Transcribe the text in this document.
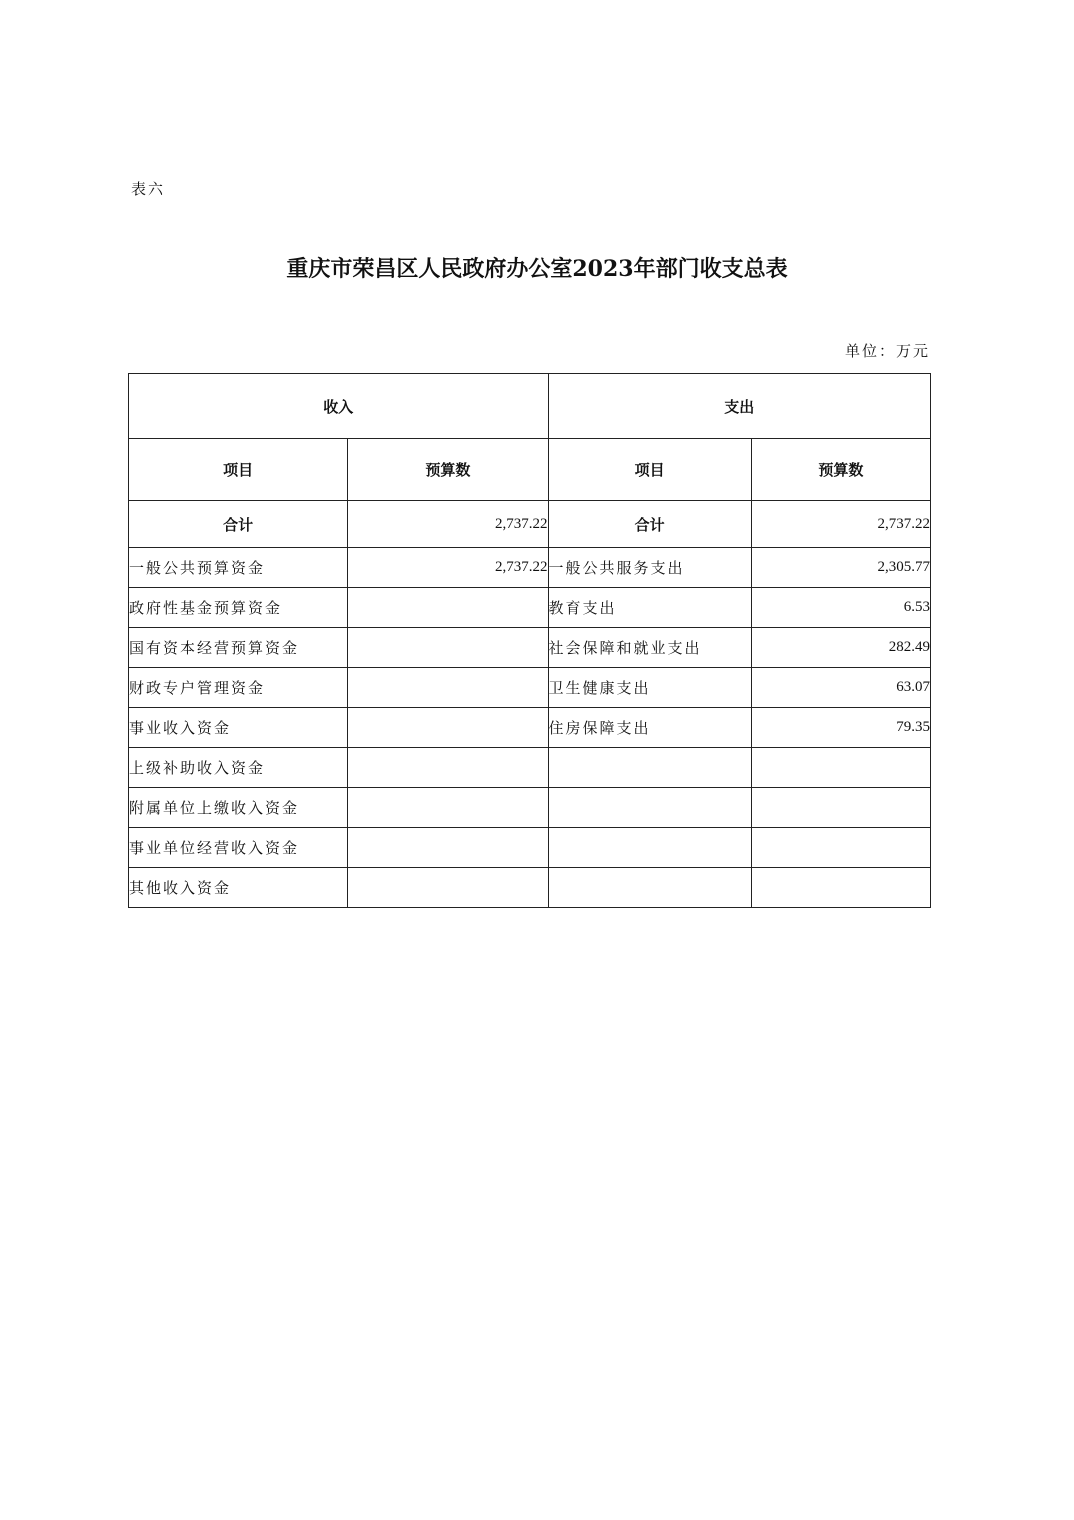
表六
重庆市荣昌区人民政府办公室2023年部门收支总表
单位：万元
收入		支出	
项目	预算数	项目	预算数
合计	2,737.22	合计	2,737.22
一般公共预算资金	2,737.22	一般公共服务支出	2,305.77
政府性基金预算资金		教育支出	6.53
国有资本经营预算资金		社会保障和就业支出	282.49
财政专户管理资金		卫生健康支出	63.07
事业收入资金		住房保障支出	79.35
上级补助收入资金			
附属单位上缴收入资金			
事业单位经营收入资金			
其他收入资金			
